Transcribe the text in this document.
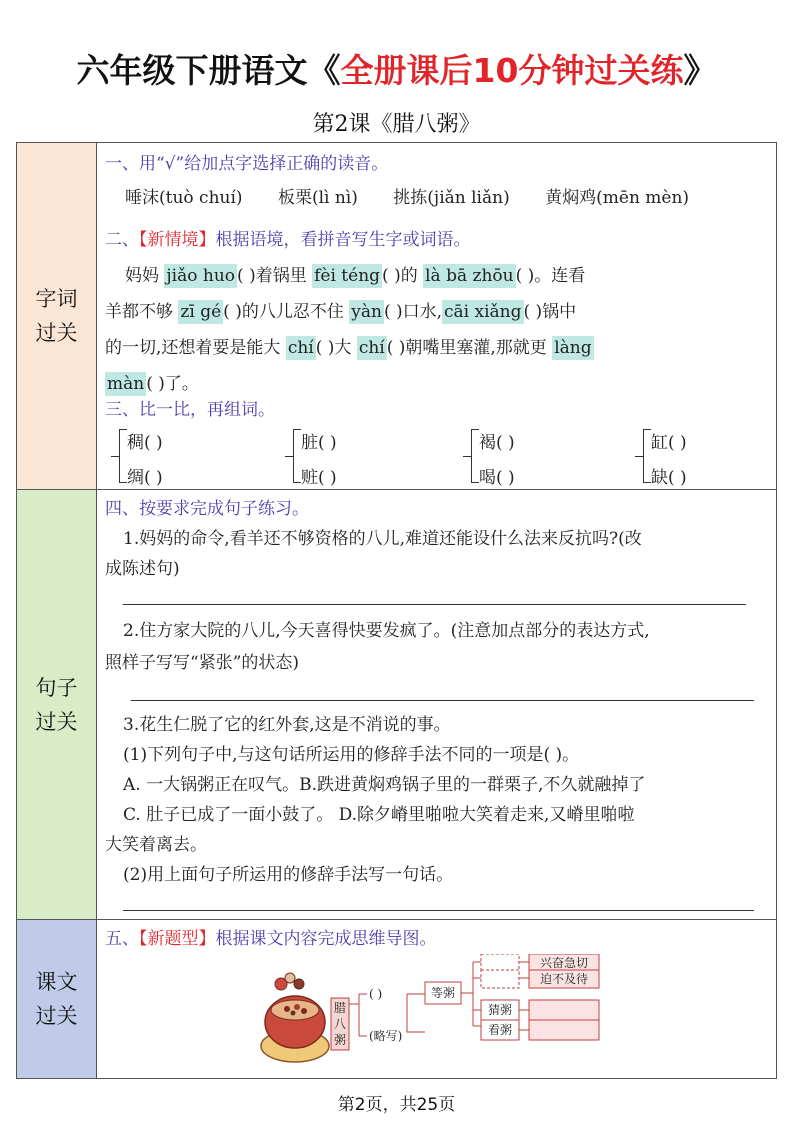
六年级下册语文《全册课后10分钟过关练》
第2课《腊八粥》
字词
过关
一、用“√”给加点字选择正确的读音。
唾沫(tuò chuí) 板栗(lì nì) 挑拣(jiǎn liǎn) 黄焖鸡(mēn mèn)
二、【新情境】根据语境，看拼音写生字或词语。
妈妈 jiǎo huo ( )着锅里 fèi téng ( )的 là bā zhōu ( )。连看
羊都不够 zī gé ( )的八儿忍不住 yàn ( )口水, cāi xiǎng ( )锅中
的一切,还想着要是能大 chí ( )大 chí ( )朝嘴里塞灌,那就更 làng
màn ( )了。
三、比一比，再组词。
稠( )
绸( )
脏( )
赃( )
褐( )
喝( )
缸( )
缺( )
句子
过关
四、按要求完成句子练习。
1.妈妈的命令,看羊还不够资格的八儿,难道还能设什么法来反抗吗?(改
成陈述句)
2.住方家大院的八儿,今天喜得快要发疯了。(注意加点部分的表达方式,
照样子写写“紧张”的状态)
3.花生仁脱了它的红外套,这是不消说的事。
(1)下列句子中,与这句话所运用的修辞手法不同的一项是( )。
A. 一大锅粥正在叹气。B.跌进黄焖鸡锅子里的一群栗子,不久就融掉了
C. 肚子已成了一面小鼓了。 D.除夕嵴里啪啦大笑着走来,又嵴里啪啦
大笑着离去。
(2)用上面句子所运用的修辞手法写一句话。
课文
过关
五、【新题型】根据课文内容完成思维导图。
腊
八
粥
( )
(略写)
等粥
兴奋急切
迫不及待
猜粥
看粥
第2页，共25页
